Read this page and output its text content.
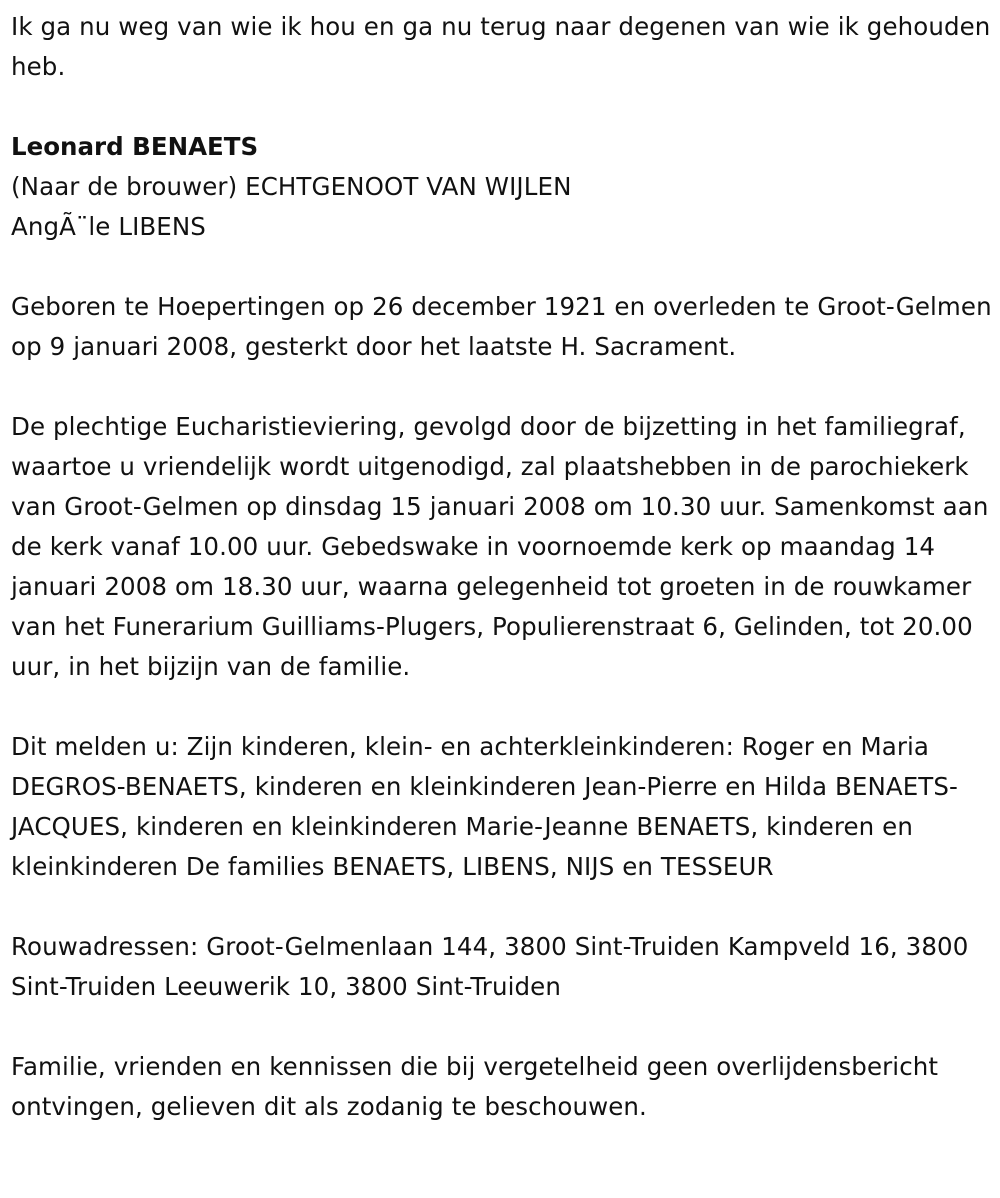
Ik ga nu weg van wie ik hou en ga nu terug naar degenen van wie ik gehouden heb.

Leonard BENAETS

(Naar de brouwer) ECHTGENOOT VAN WIJLEN

AngÃ¨le LIBENS

Geboren te Hoepertingen op 26 december 1921 en overleden te Groot-Gelmen op 9 januari 2008, gesterkt door het laatste H. Sacrament.

De plechtige Eucharistieviering, gevolgd door de bijzetting in het familiegraf, waartoe u vriendelijk wordt uitgenodigd, zal plaatshebben in de parochiekerk van Groot-Gelmen op dinsdag 15 januari 2008 om 10.30 uur. Samenkomst aan de kerk vanaf 10.00 uur. Gebedswake in voornoemde kerk op maandag 14 januari 2008 om 18.30 uur, waarna gelegenheid tot groeten in de rouwkamer van het Funerarium Guilliams-Plugers, Populierenstraat 6, Gelinden, tot 20.00 uur, in het bijzijn van de familie.

Dit melden u: Zijn kinderen, klein- en achterkleinkinderen: Roger en Maria DEGROS-BENAETS, kinderen en kleinkinderen Jean-Pierre en Hilda BENAETS-JACQUES, kinderen en kleinkinderen Marie-Jeanne BENAETS, kinderen en kleinkinderen De families BENAETS, LIBENS, NIJS en TESSEUR

Rouwadressen: Groot-Gelmenlaan 144, 3800 Sint-Truiden Kampveld 16, 3800 Sint-Truiden Leeuwerik 10, 3800 Sint-Truiden

Familie, vrienden en kennissen die bij vergetelheid geen overlijdensbericht ontvingen, gelieven dit als zodanig te beschouwen.
